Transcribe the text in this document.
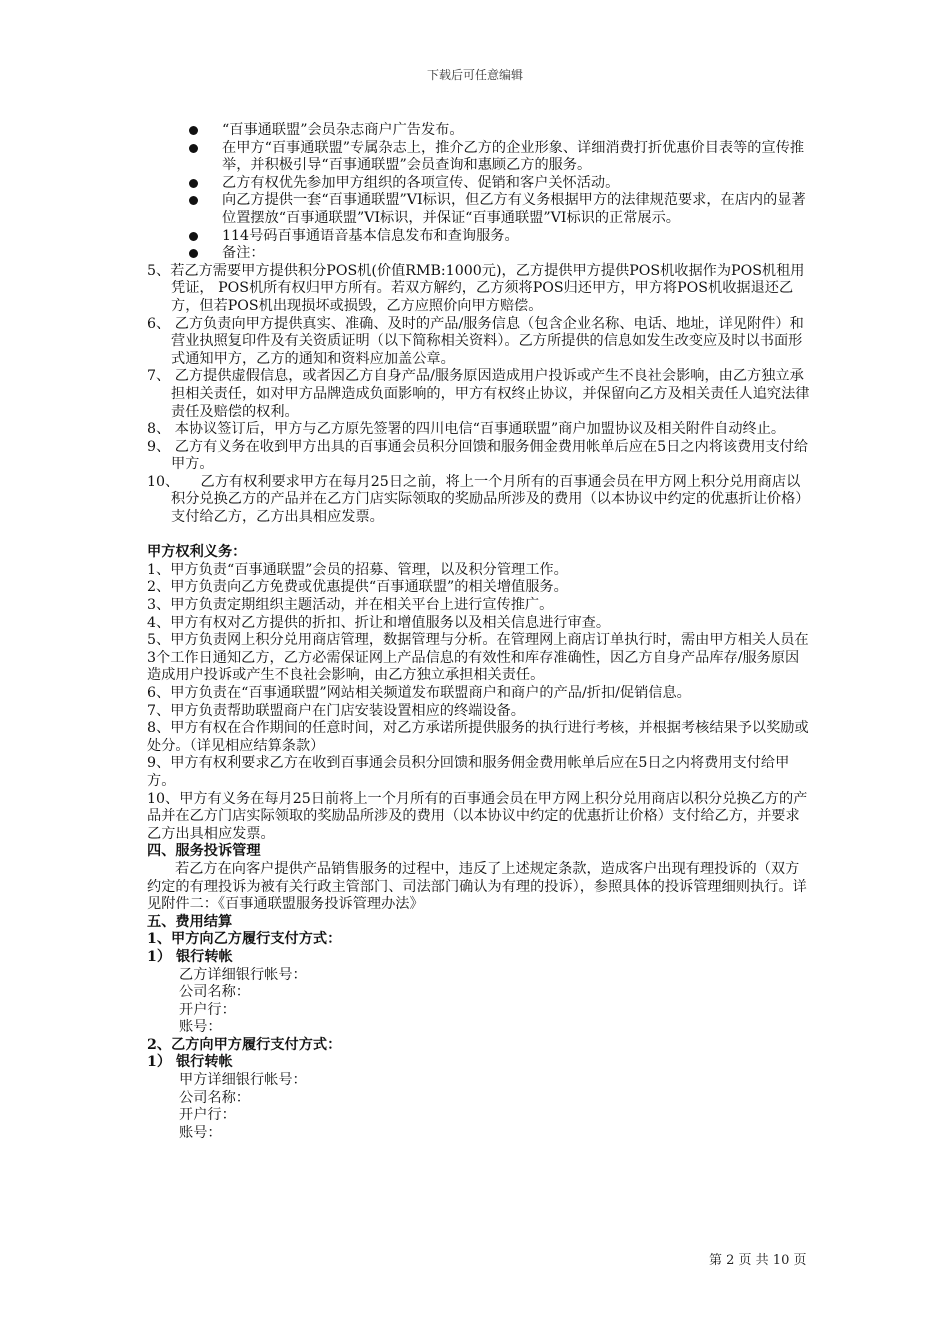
下载后可任意编辑
“百事通联盟”会员杂志商户广告发布。
在甲方“百事通联盟”专属杂志上，推介乙方的企业形象、详细消费打折优惠价目表等的宣传推举，并积极引导“百事通联盟”会员查询和惠顾乙方的服务。
乙方有权优先参加甲方组织的各项宣传、促销和客户关怀活动。
向乙方提供一套“百事通联盟”VI标识，但乙方有义务根据甲方的法律规范要求，在店内的显著位置摆放“百事通联盟”VI标识，并保证“百事通联盟”VI标识的正常展示。
114号码百事通语音基本信息发布和查询服务。
备注：
5、若乙方需要甲方提供积分POS机(价值RMB:1000元)，乙方提供甲方提供POS机收据作为POS机租用凭证， POS机所有权归甲方所有。若双方解约，乙方须将POS归还甲方，甲方将POS机收据退还乙方，但若POS机出现损坏或损毁，乙方应照价向甲方赔偿。
6、 乙方负责向甲方提供真实、准确、及时的产品/服务信息（包含企业名称、电话、地址，详见附件）和营业执照复印件及有关资质证明（以下简称相关资料）。乙方所提供的信息如发生改变应及时以书面形式通知甲方，乙方的通知和资料应加盖公章。
7、 乙方提供虚假信息，或者因乙方自身产品/服务原因造成用户投诉或产生不良社会影响，由乙方独立承担相关责任，如对甲方品牌造成负面影响的，甲方有权终止协议，并保留向乙方及相关责任人追究法律责任及赔偿的权利。
8、 本协议签订后，甲方与乙方原先签署的四川电信“百事通联盟”商户加盟协议及相关附件自动终止。
9、 乙方有义务在收到甲方出具的百事通会员积分回馈和服务佣金费用帐单后应在5日之内将该费用支付给甲方。
10、　　乙方有权利要求甲方在每月25日之前，将上一个月所有的百事通会员在甲方网上积分兑用商店以积分兑换乙方的产品并在乙方门店实际领取的奖励品所涉及的费用（以本协议中约定的优惠折让价格）支付给乙方，乙方出具相应发票。
甲方权利义务：
1、甲方负责“百事通联盟”会员的招募、管理，以及积分管理工作。
2、甲方负责向乙方免费或优惠提供“百事通联盟”的相关增值服务。
3、甲方负责定期组织主题活动，并在相关平台上进行宣传推广。
4、甲方有权对乙方提供的折扣、折让和增值服务以及相关信息进行审查。
5、甲方负责网上积分兑用商店管理，数据管理与分析。在管理网上商店订单执行时，需由甲方相关人员在3个工作日通知乙方，乙方必需保证网上产品信息的有效性和库存准确性，因乙方自身产品库存/服务原因造成用户投诉或产生不良社会影响，由乙方独立承担相关责任。
6、甲方负责在“百事通联盟”网站相关频道发布联盟商户和商户的产品/折扣/促销信息。
7、甲方负责帮助联盟商户在门店安装设置相应的终端设备。
8、甲方有权在合作期间的任意时间，对乙方承诺所提供服务的执行进行考核，并根据考核结果予以奖励或处分。（详见相应结算条款）
9、甲方有权利要求乙方在收到百事通会员积分回馈和服务佣金费用帐单后应在5日之内将费用支付给甲方。
10、甲方有义务在每月25日前将上一个月所有的百事通会员在甲方网上积分兑用商店以积分兑换乙方的产品并在乙方门店实际领取的奖励品所涉及的费用（以本协议中约定的优惠折让价格）支付给乙方，并要求乙方出具相应发票。
四、服务投诉管理
若乙方在向客户提供产品销售服务的过程中，违反了上述规定条款，造成客户出现有理投诉的（双方约定的有理投诉为被有关行政主管部门、司法部门确认为有理的投诉），参照具体的投诉管理细则执行。详见附件二：《百事通联盟服务投诉管理办法》
五、费用结算
1、甲方向乙方履行支付方式：
1） 银行转帐
乙方详细银行帐号：
公司名称：
开户行：
账号：
2、乙方向甲方履行支付方式：
1） 银行转帐
甲方详细银行帐号：
公司名称：
开户行：
账号：
第 2 页 共 10 页
